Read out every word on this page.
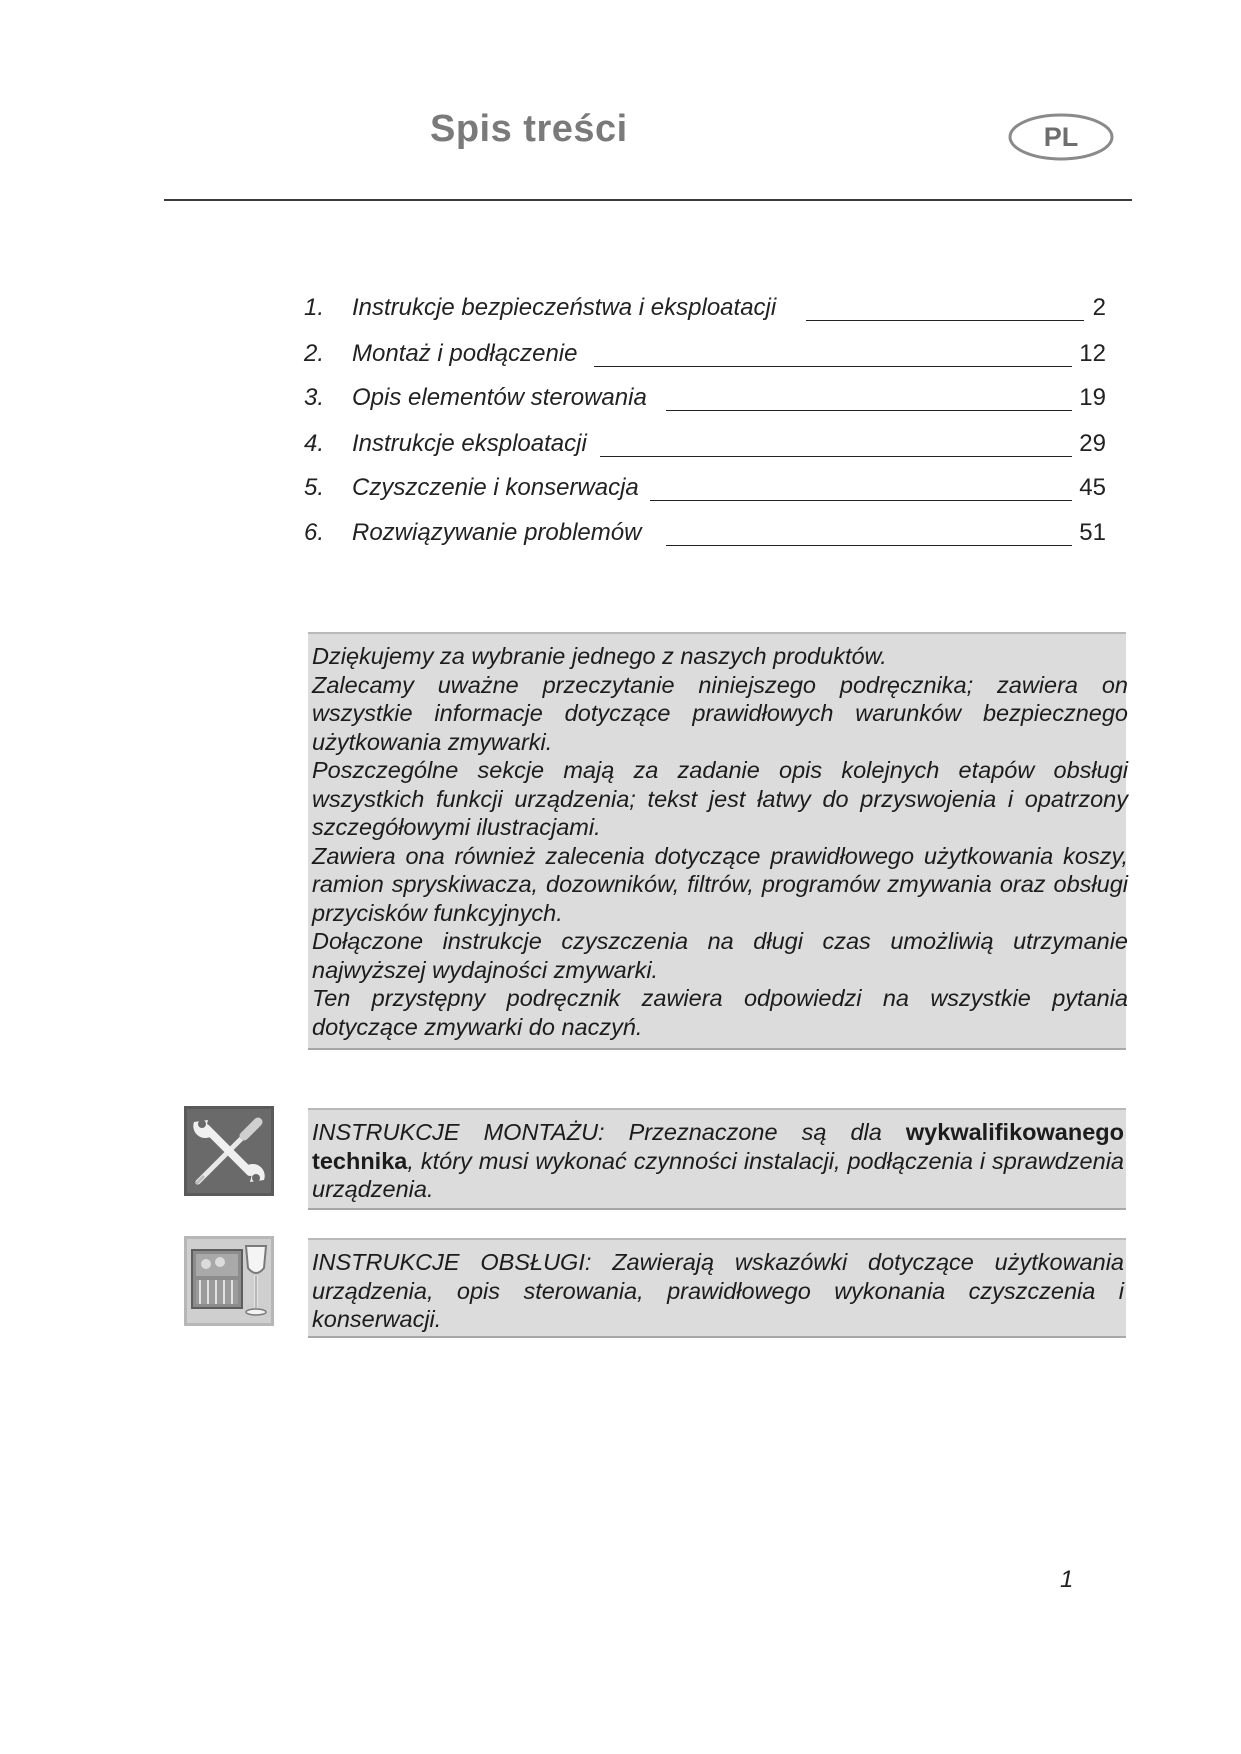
Spis treści	PL
1. Instrukcje bezpieczeństwa i eksploatacji	2
2. Montaż i podłączenie	12
3. Opis elementów sterowania	19
4. Instrukcje eksploatacji	29
5. Czyszczenie i konserwacja	45
6. Rozwiązywanie problemów	51

Dziękujemy za wybranie jednego z naszych produktów.

Zalecamy uważne przeczytanie niniejszego podręcznika; zawiera on wszystkie informacje dotyczące prawidłowych warunków bezpiecznego użytkowania zmywarki.

Poszczególne sekcje mają za zadanie opis kolejnych etapów obsługi wszystkich funkcji urządzenia; tekst jest łatwy do przyswojenia i opatrzony szczegółowymi ilustracjami.

Zawiera ona również zalecenia dotyczące prawidłowego użytkowania koszy, ramion spryskiwacza, dozowników, filtrów, programów zmywania oraz obsługi przycisków funkcyjnych.

Dołączone instrukcje czyszczenia na długi czas umożliwią utrzymanie najwyższej wydajności zmywarki.

Ten przystępny podręcznik zawiera odpowiedzi na wszystkie pytania dotyczące zmywarki do naczyń.

INSTRUKCJE MONTAŻU: Przeznaczone są dla wykwalifikowanego technika, który musi wykonać czynności instalacji, podłączenia i sprawdzenia urządzenia.
INSTRUKCJE OBSŁUGI: Zawierają wskazówki dotyczące użytkowania urządzenia, opis sterowania, prawidłowego wykonania czyszczenia i konserwacji.
1
